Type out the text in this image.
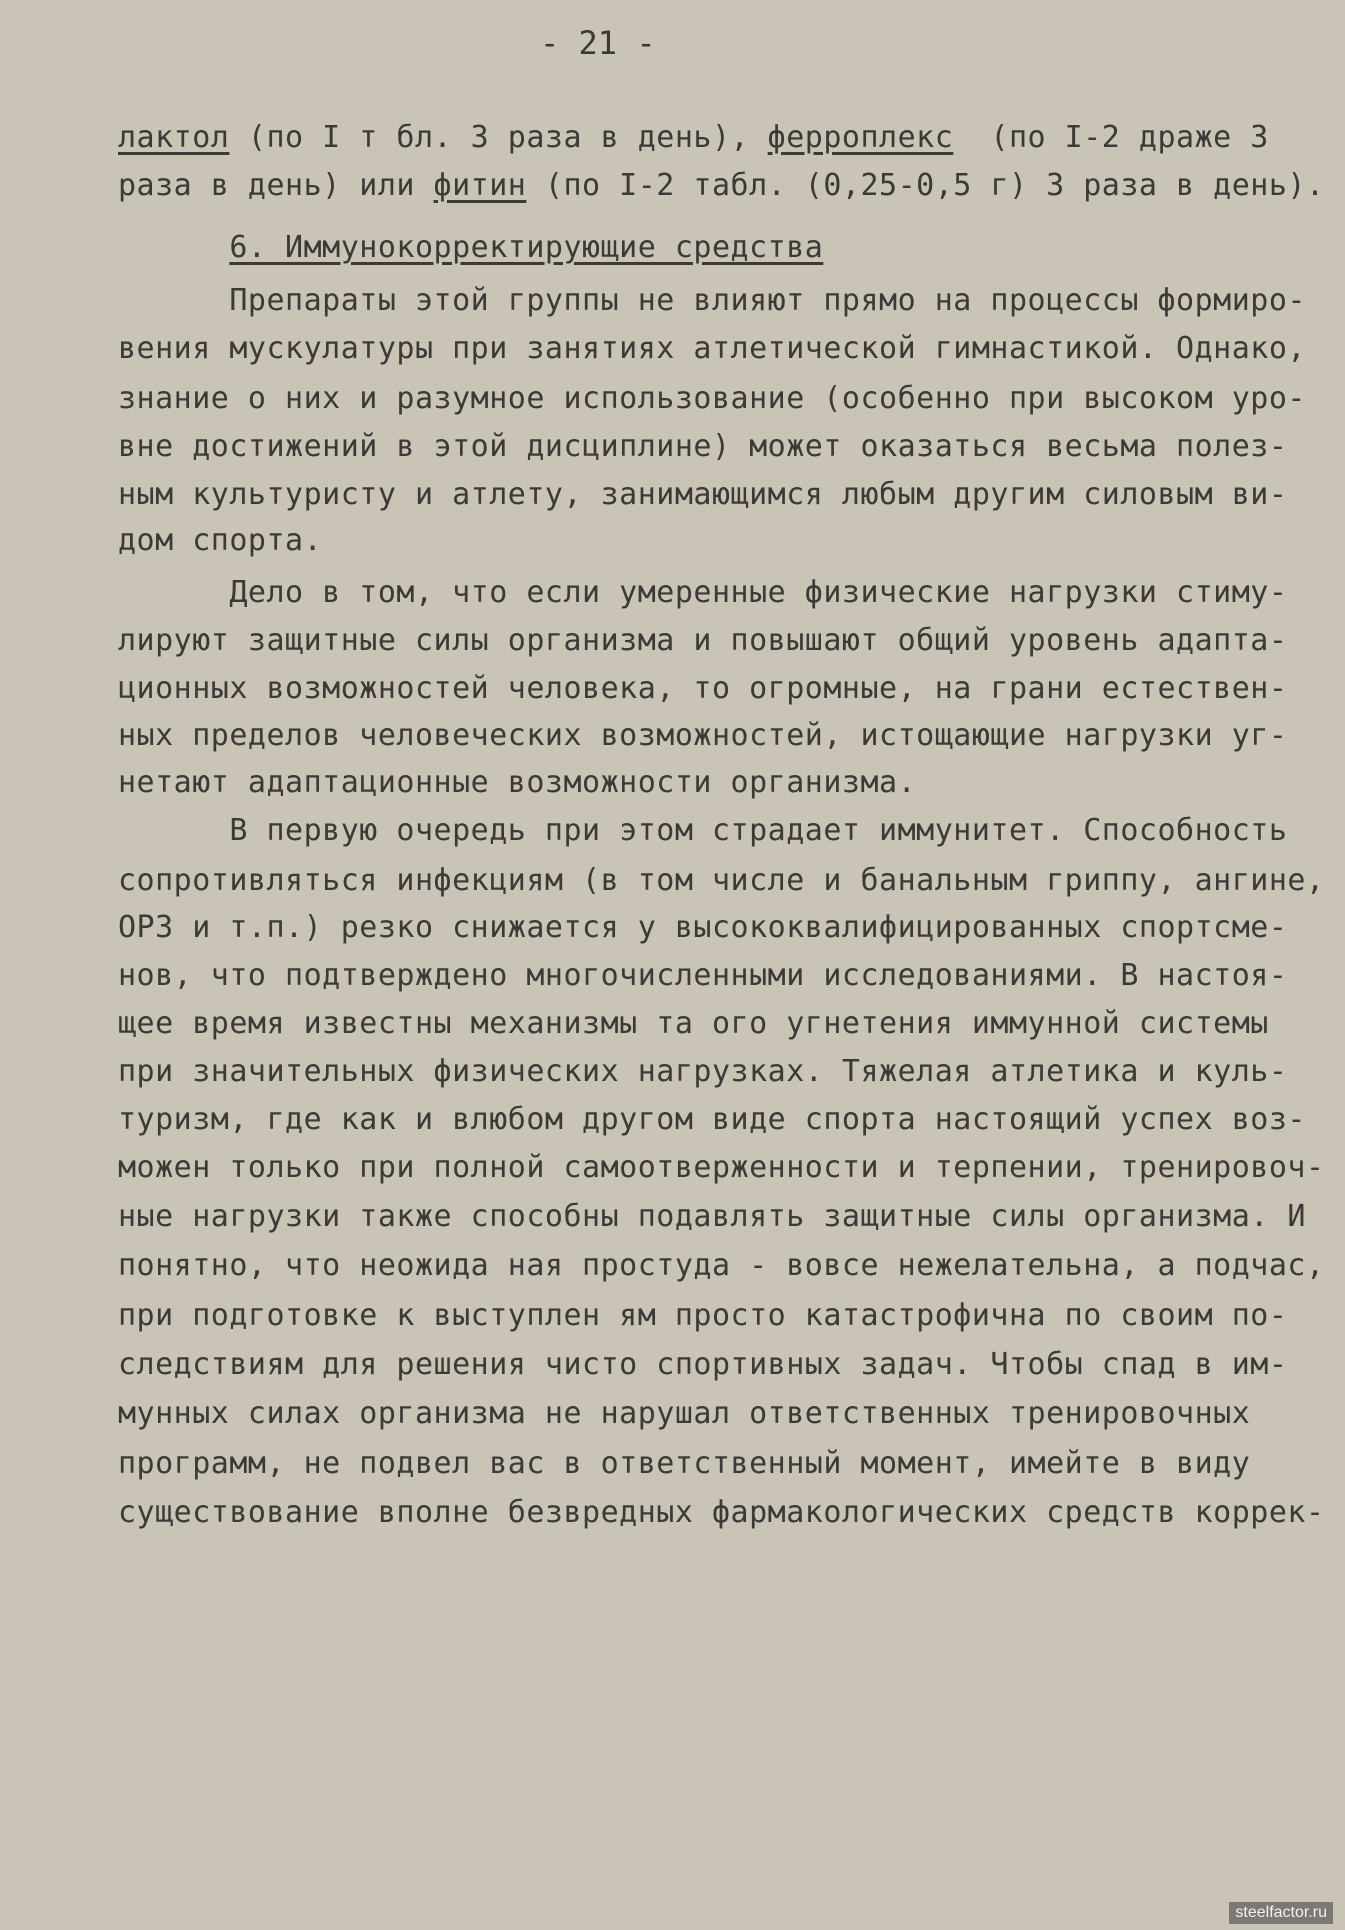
- 21 -
лактол (по I т бл. 3 раза в день), ферроплекс  (по I-2 драже 3
раза в день) или фитин (по I-2 табл. (0,25-0,5 г) 3 раза в день).
6. Иммунокорректирующие средства
Препараты этой группы не влияют прямо на процессы формиро-
вения мускулатуры при занятиях атлетической гимнастикой. Однако,
знание о них и разумное использование (особенно при высоком уро-
вне достижений в этой дисциплине) может оказаться весьма полез-
ным культуристу и атлету, занимающимся любым другим силовым ви-
дом спорта.
Дело в том, что если умеренные физические нагрузки стиму-
лируют защитные силы организма и повышают общий уровень адапта-
ционных возможностей человека, то огромные, на грани естествен-
ных пределов человеческих возможностей, истощающие нагрузки уг-
нетают адаптационные возможности организма.
В первую очередь при этом страдает иммунитет. Способность
сопротивляться инфекциям (в том числе и банальным гриппу, ангине,
ОРЗ и т.п.) резко снижается у высококвалифицированных спортсме-
нов, что подтверждено многочисленными исследованиями. В настоя-
щее время известны механизмы та ого угнетения иммунной системы
при значительных физических нагрузках. Тяжелая атлетика и куль-
туризм, где как и влюбом другом виде спорта настоящий успех воз-
можен только при полной самоотверженности и терпении, тренировоч-
ные нагрузки также способны подавлять защитные силы организма. И
понятно, что неожида ная простуда - вовсе нежелательна, а подчас,
при подготовке к выступлен ям просто катастрофична по своим по-
следствиям для решения чисто спортивных задач. Чтобы спад в им-
мунных силах организма не нарушал ответственных тренировочных
программ, не подвел вас в ответственный момент, имейте в виду
существование вполне безвредных фармакологических средств коррек-
steelfactor.ru
